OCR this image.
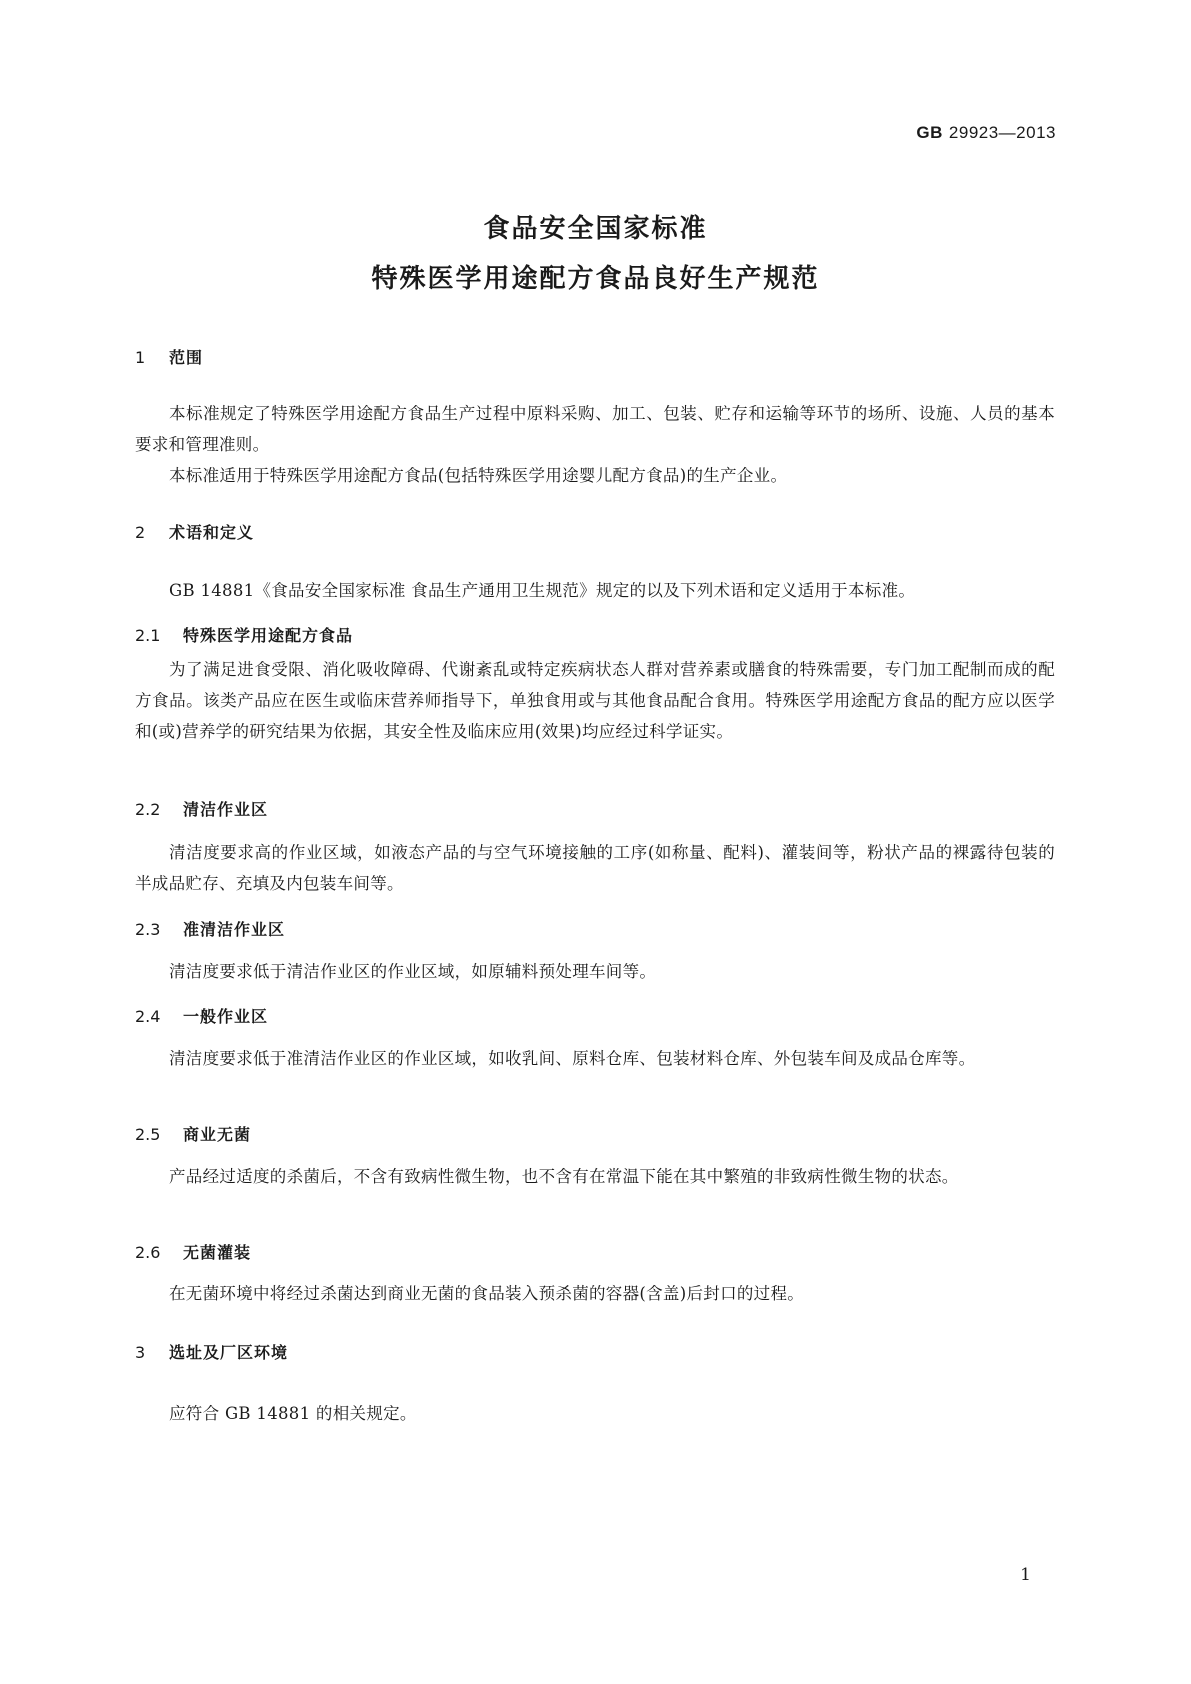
GB 29923—2013
食品安全国家标准
特殊医学用途配方食品良好生产规范
1 范围
本标准规定了特殊医学用途配方食品生产过程中原料采购、加工、包装、贮存和运输等环节的场所、设施、人员的基本要求和管理准则。
本标准适用于特殊医学用途配方食品(包括特殊医学用途婴儿配方食品)的生产企业。
2 术语和定义
GB 14881《食品安全国家标准 食品生产通用卫生规范》规定的以及下列术语和定义适用于本标准。
2.1 特殊医学用途配方食品
为了满足进食受限、消化吸收障碍、代谢紊乱或特定疾病状态人群对营养素或膳食的特殊需要，专门加工配制而成的配方食品。该类产品应在医生或临床营养师指导下，单独食用或与其他食品配合食用。特殊医学用途配方食品的配方应以医学和(或)营养学的研究结果为依据，其安全性及临床应用(效果)均应经过科学证实。
2.2 清洁作业区
清洁度要求高的作业区域，如液态产品的与空气环境接触的工序(如称量、配料)、灌装间等，粉状产品的裸露待包装的半成品贮存、充填及内包装车间等。
2.3 准清洁作业区
清洁度要求低于清洁作业区的作业区域，如原辅料预处理车间等。
2.4 一般作业区
清洁度要求低于准清洁作业区的作业区域，如收乳间、原料仓库、包装材料仓库、外包装车间及成品仓库等。
2.5 商业无菌
产品经过适度的杀菌后，不含有致病性微生物，也不含有在常温下能在其中繁殖的非致病性微生物的状态。
2.6 无菌灌装
在无菌环境中将经过杀菌达到商业无菌的食品装入预杀菌的容器(含盖)后封口的过程。
3 选址及厂区环境
应符合 GB 14881 的相关规定。
1
